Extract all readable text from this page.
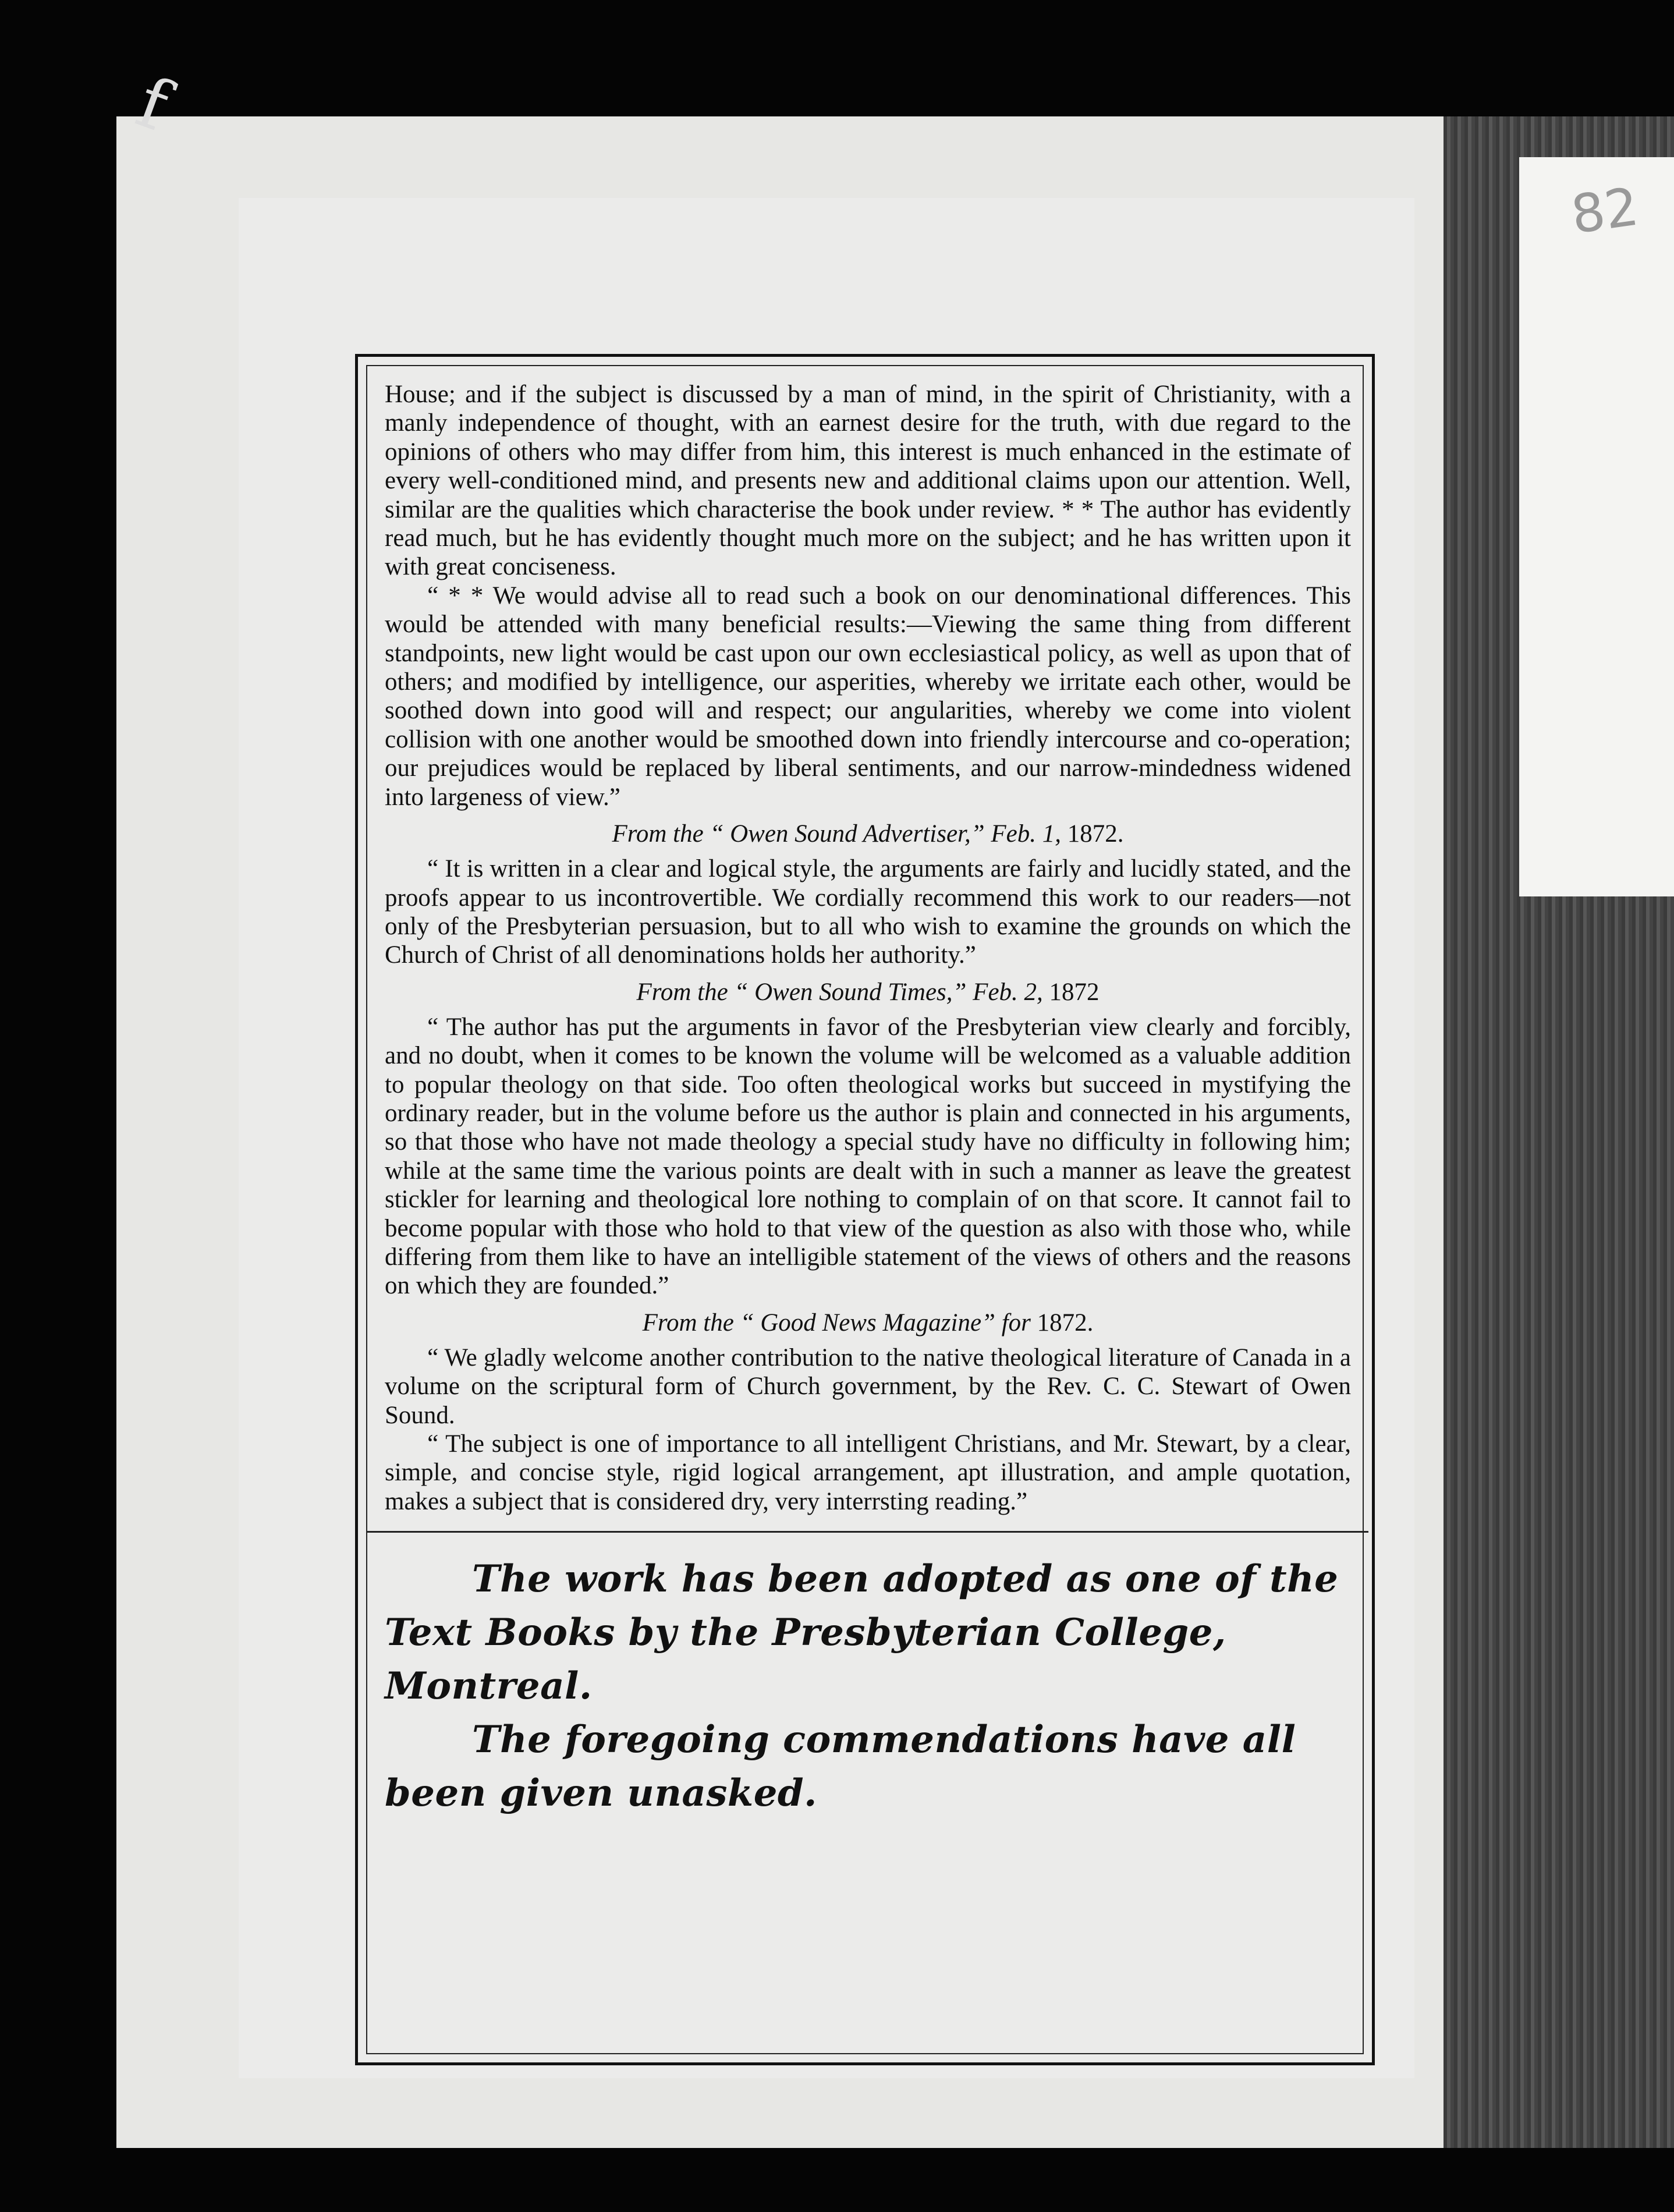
82
f

House; and if the subject is discussed by a man of mind, in the spirit of Christianity, with a manly independence of thought, with an earnest desire for the truth, with due regard to the opinions of others who may differ from him, this interest is much enhanced in the estimate of every well-conditioned mind, and presents new and additional claims upon our attention. Well, similar are the qualities which characterise the book under review. * * The author has evidently read much, but he has evidently thought much more on the subject; and he has written upon it with great conciseness.

“ * * We would advise all to read such a book on our denominational differences. This would be attended with many beneficial results:—Viewing the same thing from different standpoints, new light would be cast upon our own ecclesiastical policy, as well as upon that of others; and modified by intelligence, our asperities, whereby we irritate each other, would be soothed down into good will and respect; our angularities, whereby we come into violent collision with one another would be smoothed down into friendly intercourse and co-operation; our prejudices would be replaced by liberal sentiments, and our narrow-mindedness widened into largeness of view.”

From the “ Owen Sound Advertiser,” Feb. 1, 1872.

“ It is written in a clear and logical style, the arguments are fairly and lucidly stated, and the proofs appear to us incontrovertible. We cordially recommend this work to our readers—not only of the Presbyterian persuasion, but to all who wish to examine the grounds on which the Church of Christ of all denominations holds her authority.”

From the “ Owen Sound Times,” Feb. 2, 1872

“ The author has put the arguments in favor of the Presbyterian view clearly and forcibly, and no doubt, when it comes to be known the volume will be welcomed as a valuable addition to popular theology on that side. Too often theological works but succeed in mystifying the ordinary reader, but in the volume before us the author is plain and connected in his arguments, so that those who have not made theology a special study have no difficulty in following him; while at the same time the various points are dealt with in such a manner as leave the greatest stickler for learning and theological lore nothing to complain of on that score. It cannot fail to become popular with those who hold to that view of the question as also with those who, while differing from them like to have an intelligible statement of the views of others and the reasons on which they are founded.”

From the “ Good News Magazine” for 1872.

“ We gladly welcome another contribution to the native theological literature of Canada in a volume on the scriptural form of Church government, by the Rev. C. C. Stewart of Owen Sound.

“ The subject is one of importance to all intelligent Christians, and Mr. Stewart, by a clear, simple, and concise style, rigid logical arrangement, apt illustration, and ample quotation, makes a subject that is considered dry, very interrsting reading.”

The work has been adopted as one of the Text Books by the Presbyterian College, Montreal.

The foregoing commendations have all been given unasked.
